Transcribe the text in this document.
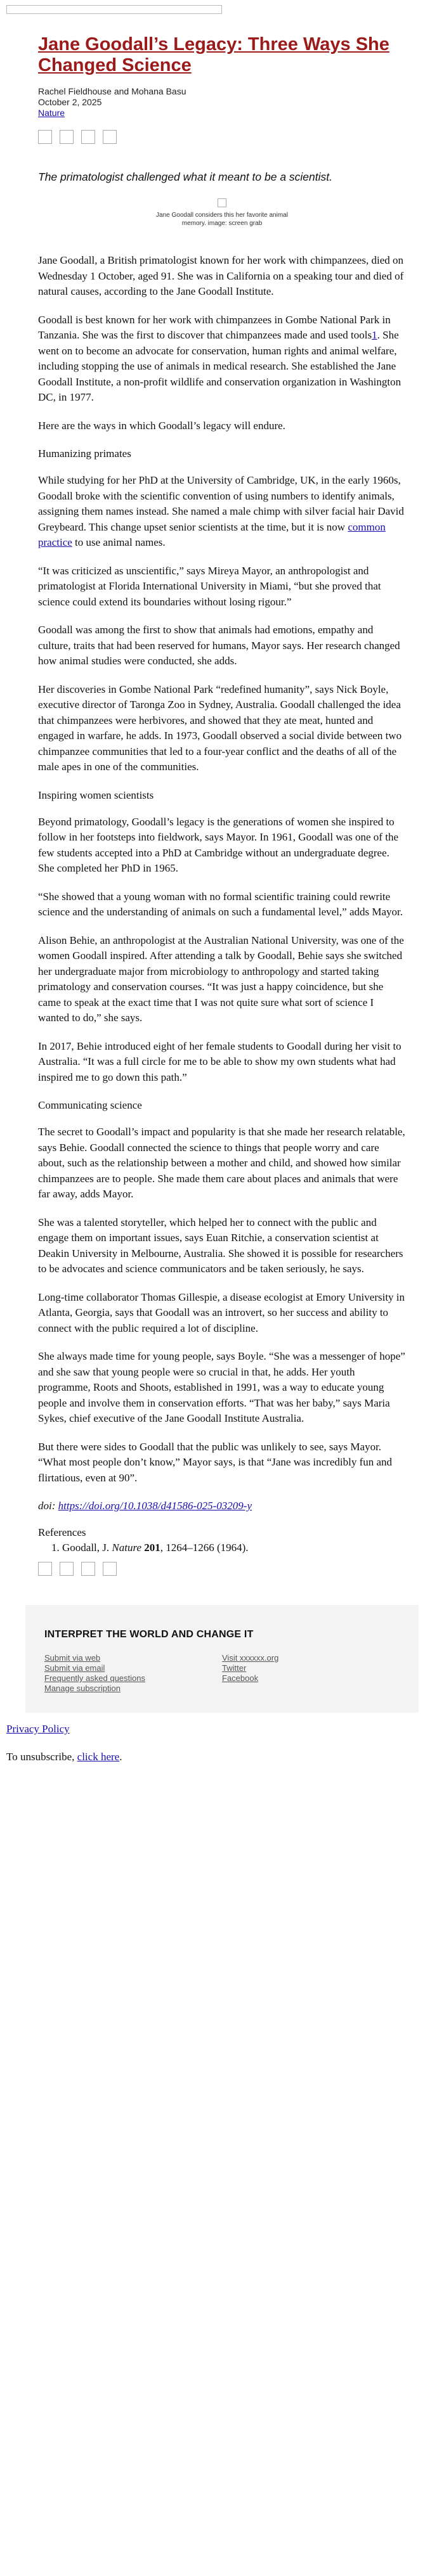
Jane Goodall’s Legacy: Three Ways She Changed Science
Rachel Fieldhouse and Mohana Basu
October 2, 2025
Nature
The primatologist challenged what it meant to be a scientist.
Jane Goodall considers this her favorite animal memory. image: screen grab

Jane Goodall, a British primatologist known for her work with chimpanzees, died on Wednesday 1 October, aged 91. She was in California on a speaking tour and died of natural causes, according to the Jane Goodall Institute.

Goodall is best known for her work with chimpanzees in Gombe National Park in Tanzania. She was the first to discover that chimpanzees made and used tools1. She went on to become an advocate for conservation, human rights and animal welfare, including stopping the use of animals in medical research. She established the Jane Goodall Institute, a non-profit wildlife and conservation organization in Washington DC, in 1977.

Here are the ways in which Goodall’s legacy will endure.

Humanizing primates

While studying for her PhD at the University of Cambridge, UK, in the early 1960s, Goodall broke with the scientific convention of using numbers to identify animals, assigning them names instead. She named a male chimp with silver facial hair David Greybeard. This change upset senior scientists at the time, but it is now common practice to use animal names.

“It was criticized as unscientific,” says Mireya Mayor, an anthropologist and primatologist at Florida International University in Miami, “but she proved that science could extend its boundaries without losing rigour.”

Goodall was among the first to show that animals had emotions, empathy and culture, traits that had been reserved for humans, Mayor says. Her research changed how animal studies were conducted, she adds.

Her discoveries in Gombe National Park “redefined humanity”, says Nick Boyle, executive director of Taronga Zoo in Sydney, Australia. Goodall challenged the idea that chimpanzees were herbivores, and showed that they ate meat, hunted and engaged in warfare, he adds. In 1973, Goodall observed a social divide between two chimpanzee communities that led to a four-year conflict and the deaths of all of the male apes in one of the communities.

Inspiring women scientists

Beyond primatology, Goodall’s legacy is the generations of women she inspired to follow in her footsteps into fieldwork, says Mayor. In 1961, Goodall was one of the few students accepted into a PhD at Cambridge without an undergraduate degree. She completed her PhD in 1965.

“She showed that a young woman with no formal scientific training could rewrite science and the understanding of animals on such a fundamental level,” adds Mayor.

Alison Behie, an anthropologist at the Australian National University, was one of the women Goodall inspired. After attending a talk by Goodall, Behie says she switched her undergraduate major from microbiology to anthropology and started taking primatology and conservation courses. “It was just a happy coincidence, but she came to speak at the exact time that I was not quite sure what sort of science I wanted to do,” she says.

In 2017, Behie introduced eight of her female students to Goodall during her visit to Australia. “It was a full circle for me to be able to show my own students what had inspired me to go down this path.”

Communicating science

The secret to Goodall’s impact and popularity is that she made her research relatable, says Behie. Goodall connected the science to things that people worry and care about, such as the relationship between a mother and child, and showed how similar chimpanzees are to people. She made them care about places and animals that were far away, adds Mayor.

She was a talented storyteller, which helped her to connect with the public and engage them on important issues, says Euan Ritchie, a conservation scientist at Deakin University in Melbourne, Australia. She showed it is possible for researchers to be advocates and science communicators and be taken seriously, he says.

Long-time collaborator Thomas Gillespie, a disease ecologist at Emory University in Atlanta, Georgia, says that Goodall was an introvert, so her success and ability to connect with the public required a lot of discipline.

She always made time for young people, says Boyle. “She was a messenger of hope” and she saw that young people were so crucial in that, he adds. Her youth programme, Roots and Shoots, established in 1991, was a way to educate young people and involve them in conservation efforts. “That was her baby,” says Maria Sykes, chief executive of the Jane Goodall Institute Australia.

But there were sides to Goodall that the public was unlikely to see, says Mayor. “What most people don’t know,” Mayor says, is that “Jane was incredibly fun and flirtatious, even at 90”.

doi: https://doi.org/10.1038/d41586-025-03209-y

References
1. Goodall, J. Nature 201, 1264–1266 (1964).
INTERPRET THE WORLD AND CHANGE IT
Submit via web
Submit via email
Frequently asked questions
Manage subscription
Visit xxxxxx.org
Twitter
Facebook
Privacy Policy
To unsubscribe, click here.
